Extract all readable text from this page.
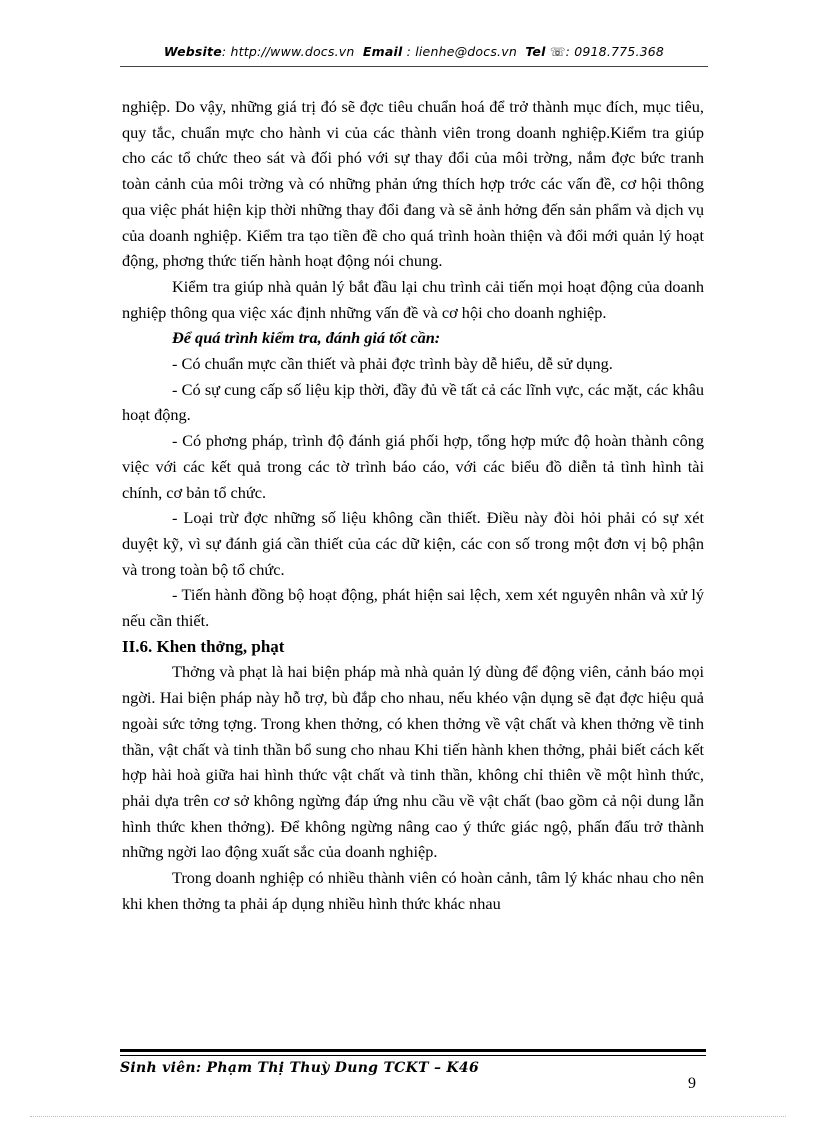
Website: http://www.docs.vn Email : lienhe@docs.vn Tel ☏: 0918.775.368

nghiệp. Do vậy, những giá trị đó sẽ đợc tiêu chuẩn hoá để trở thành mục đích, mục tiêu, quy tắc, chuẩn mực cho hành vi của các thành viên trong doanh nghiệp.Kiểm tra giúp cho các tổ chức theo sát và đối phó với sự thay đổi của môi trờng, nắm đợc bức tranh toàn cảnh của môi trờng và có những phản ứng thích hợp trớc các vấn đề, cơ hội thông qua việc phát hiện kịp thời những thay đổi đang và sẽ ảnh hởng đến sản phẩm và dịch vụ của doanh nghiệp. Kiểm tra tạo tiền đề cho quá trình hoàn thiện và đổi mới quản lý hoạt động, phơng thức tiến hành hoạt động nói chung.

Kiểm tra giúp nhà quản lý bắt đầu lại chu trình cải tiến mọi hoạt động của doanh nghiệp thông qua việc xác định những vấn đề và cơ hội cho doanh nghiệp.

Để quá trình kiểm tra, đánh giá tốt cần:

- Có chuẩn mực cần thiết và phải đợc trình bày dễ hiểu, dễ sử dụng.

- Có sự cung cấp số liệu kịp thời, đầy đủ về tất cả các lĩnh vực, các mặt, các khâu hoạt động.

- Có phơng pháp, trình độ đánh giá phối hợp, tổng hợp mức độ hoàn thành công việc với các kết quả trong các tờ trình báo cáo, với các biểu đồ diễn tả tình hình tài chính, cơ bản tổ chức.

- Loại trừ đợc những số liệu không cần thiết. Điều này đòi hỏi phải có sự xét duyệt kỹ, vì sự đánh giá cần thiết của các dữ kiện, các con số trong một đơn vị bộ phận và trong toàn bộ tổ chức.

- Tiến hành đồng bộ hoạt động, phát hiện sai lệch, xem xét nguyên nhân và xử lý nếu cần thiết.

II.6. Khen thởng, phạt

Thởng và phạt là hai biện pháp mà nhà quản lý dùng để động viên, cảnh báo mọi ngời. Hai biện pháp này hỗ trợ, bù đắp cho nhau, nếu khéo vận dụng sẽ đạt đợc hiệu quả ngoài sức tởng tợng. Trong khen thởng, có khen thởng về vật chất và khen thởng về tinh thần, vật chất và tinh thần bổ sung cho nhau Khi tiến hành khen thởng, phải biết cách kết hợp hài hoà giữa hai hình thức vật chất và tinh thần, không chỉ thiên về một hình thức, phải dựa trên cơ sở không ngừng đáp ứng nhu cầu về vật chất (bao gồm cả nội dung lẫn hình thức khen thởng). Để không ngừng nâng cao ý thức giác ngộ, phấn đấu trở thành những ngời lao động xuất sắc của doanh nghiệp.

Trong doanh nghiệp có nhiều thành viên có hoàn cảnh, tâm lý khác nhau cho nên khi khen thởng ta phải áp dụng nhiều hình thức khác nhau

Sinh viên: Phạm Thị Thuỳ Dung TCKT – K46
9
